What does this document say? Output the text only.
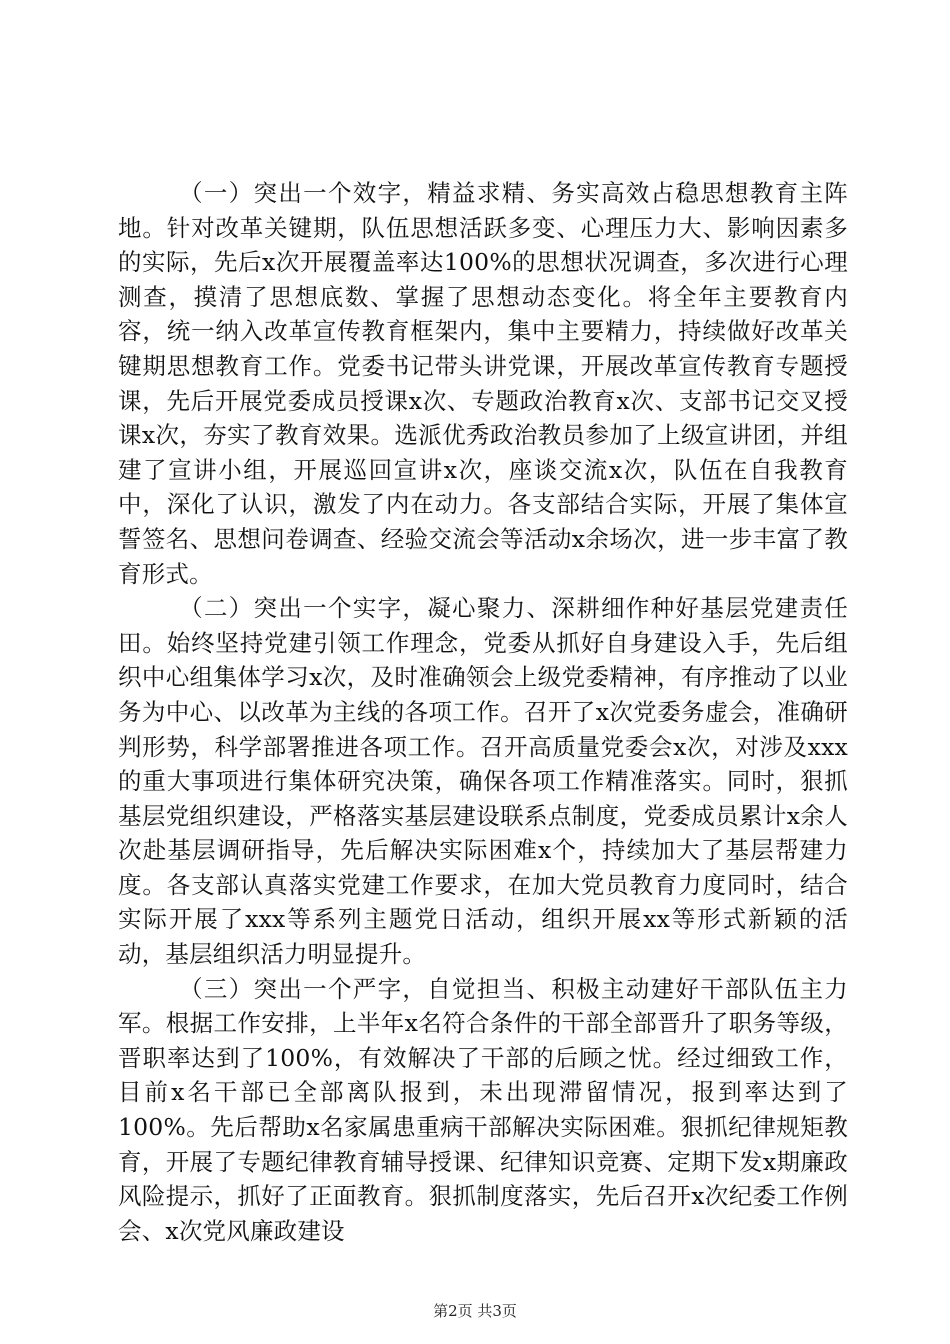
（一）突出一个效字，精益求精、务实高效占稳思想教育主阵地。针对改革关键期，队伍思想活跃多变、心理压力大、影响因素多的实际，先后x次开展覆盖率达100%的思想状况调查，多次进行心理测查，摸清了思想底数、掌握了思想动态变化。将全年主要教育内容，统一纳入改革宣传教育框架内，集中主要精力，持续做好改革关键期思想教育工作。党委书记带头讲党课，开展改革宣传教育专题授课，先后开展党委成员授课x次、专题政治教育x次、支部书记交叉授课x次，夯实了教育效果。选派优秀政治教员参加了上级宣讲团，并组建了宣讲小组，开展巡回宣讲x次，座谈交流x次，队伍在自我教育中，深化了认识，激发了内在动力。各支部结合实际，开展了集体宣誓签名、思想问卷调查、经验交流会等活动x余场次，进一步丰富了教育形式。

（二）突出一个实字，凝心聚力、深耕细作种好基层党建责任田。始终坚持党建引领工作理念，党委从抓好自身建设入手，先后组织中心组集体学习x次，及时准确领会上级党委精神，有序推动了以业务为中心、以改革为主线的各项工作。召开了x次党委务虚会，准确研判形势，科学部署推进各项工作。召开高质量党委会x次，对涉及xxx的重大事项进行集体研究决策，确保各项工作精准落实。同时，狠抓基层党组织建设，严格落实基层建设联系点制度，党委成员累计x余人次赴基层调研指导，先后解决实际困难x个，持续加大了基层帮建力度。各支部认真落实党建工作要求，在加大党员教育力度同时，结合实际开展了xxx等系列主题党日活动，组织开展xx等形式新颖的活动，基层组织活力明显提升。

（三）突出一个严字，自觉担当、积极主动建好干部队伍主力军。根据工作安排，上半年x名符合条件的干部全部晋升了职务等级，晋职率达到了100%，有效解决了干部的后顾之忧。经过细致工作，目前x名干部已全部离队报到，未出现滞留情况，报到率达到了100%。先后帮助x名家属患重病干部解决实际困难。狠抓纪律规矩教育，开展了专题纪律教育辅导授课、纪律知识竞赛、定期下发x期廉政风险提示，抓好了正面教育。狠抓制度落实，先后召开x次纪委工作例会、x次党风廉政建设

第2页 共3页
